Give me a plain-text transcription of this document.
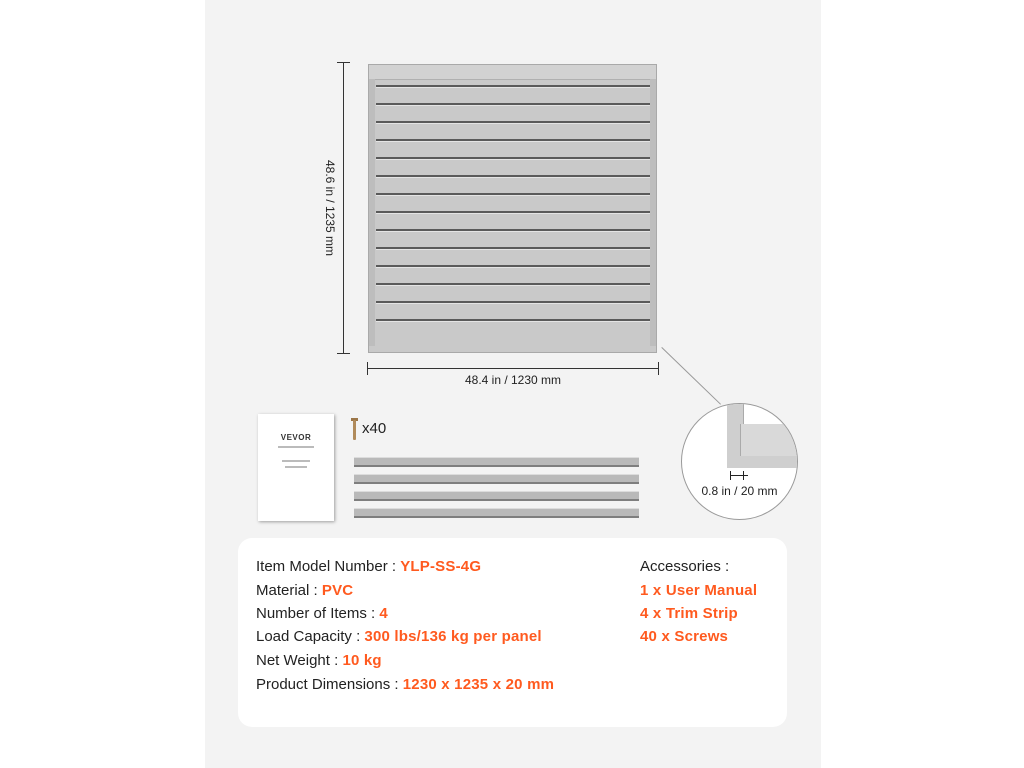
48.6 in / 1235 mm
48.4 in / 1230 mm
VEVOR
x40
0.8 in / 20 mm
Item Model Number : YLP-SS-4G
Material : PVC
Number of Items : 4
Load Capacity : 300 lbs/136 kg per panel
Net Weight : 10 kg
Product Dimensions : 1230 x 1235 x 20 mm
Accessories :
1 x User Manual
4 x Trim Strip
40 x Screws
